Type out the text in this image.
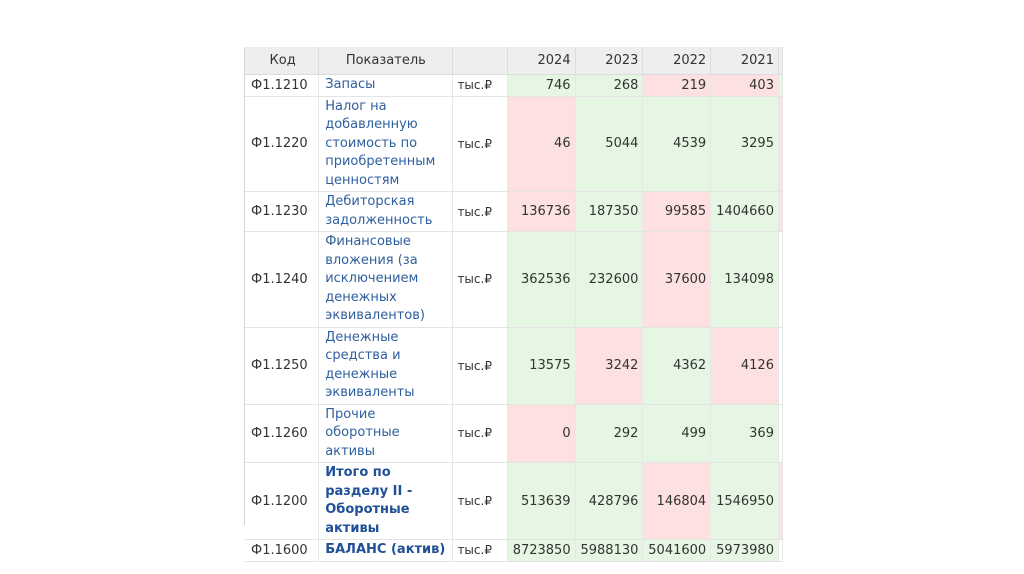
Код	Показатель		2024	2023	2022	2021	
Ф1.1210	Запасы	тыс.₽	746	268	219	403	
Ф1.1220	Налог на добавленную стоимость по приобретенным ценностям	тыс.₽	46	5044	4539	3295	
Ф1.1230	Дебиторская задолженность	тыс.₽	136736	187350	99585	1404660	
Ф1.1240	Финансовые вложения (за исключением денежных эквивалентов)	тыс.₽	362536	232600	37600	134098	
Ф1.1250	Денежные средства и денежные эквиваленты	тыс.₽	13575	3242	4362	4126	
Ф1.1260	Прочие оборотные активы	тыс.₽	0	292	499	369	
Ф1.1200	Итого по разделу II - Оборотные активы	тыс.₽	513639	428796	146804	1546950	
Ф1.1600	БАЛАНС (актив)	тыс.₽	8723850	5988130	5041600	5973980	
